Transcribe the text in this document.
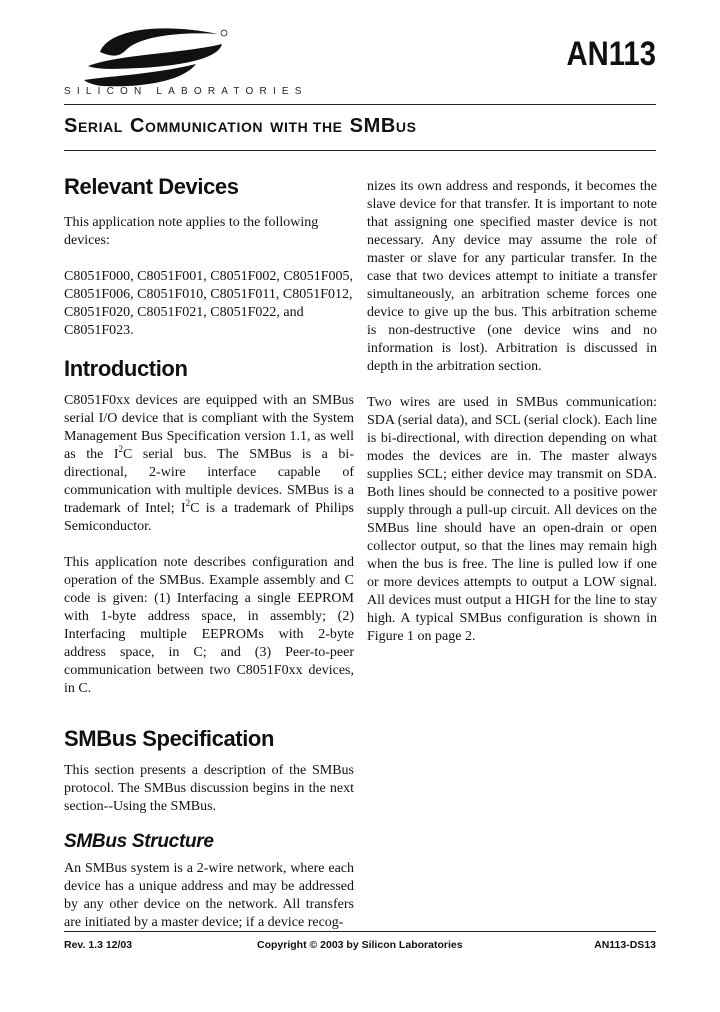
SILICON LABORATORIES
AN113
SERIAL COMMUNICATION WITH THE SMBUS
Relevant Devices

This application note applies to the following devices:

C8051F000, C8051F001, C8051F002, C8051F005, C8051F006, C8051F010, C8051F011, C8051F012, C8051F020, C8051F021, C8051F022, and C8051F023.

Introduction

C8051F0xx devices are equipped with an SMBus serial I/O device that is compliant with the System Management Bus Specification version 1.1, as well as the $I^2C$ serial bus. The SMBus is a bi-directional, 2-wire interface capable of communication with multiple devices. SMBus is a trademark of Intel; $I^2C$ is a trademark of Philips Semiconductor.

This application note describes configuration and operation of the SMBus. Example assembly and C code is given: (1) Interfacing a single EEPROM with 1-byte address space, in assembly; (2) Interfacing multiple EEPROMs with 2-byte address space, in C; and (3) Peer-to-peer communication between two C8051F0xx devices, in C.

SMBus Specification

This section presents a description of the SMBus protocol. The SMBus discussion begins in the next section--Using the SMBus.

SMBus Structure

An SMBus system is a 2-wire network, where each device has a unique address and may be addressed by any other device on the network. All transfers are initiated by a master device; if a device recog-

nizes its own address and responds, it becomes the slave device for that transfer. It is important to note that assigning one specified master device is not necessary. Any device may assume the role of master or slave for any particular transfer. In the case that two devices attempt to initiate a transfer simultaneously, an arbitration scheme forces one device to give up the bus. This arbitration scheme is non-destructive (one device wins and no information is lost). Arbitration is discussed in depth in the arbitration section.

Two wires are used in SMBus communication: SDA (serial data), and SCL (serial clock). Each line is bi-directional, with direction depending on what modes the devices are in. The master always supplies SCL; either device may transmit on SDA. Both lines should be connected to a positive power supply through a pull-up circuit. All devices on the SMBus line should have an open-drain or open collector output, so that the lines may remain high when the bus is free. The line is pulled low if one or more devices attempts to output a LOW signal. All devices must output a HIGH for the line to stay high. A typical SMBus configuration is shown in Figure 1 on page 2.

Rev. 1.3 12/03	Copyright © 2003 by Silicon Laboratories	AN113-DS13
